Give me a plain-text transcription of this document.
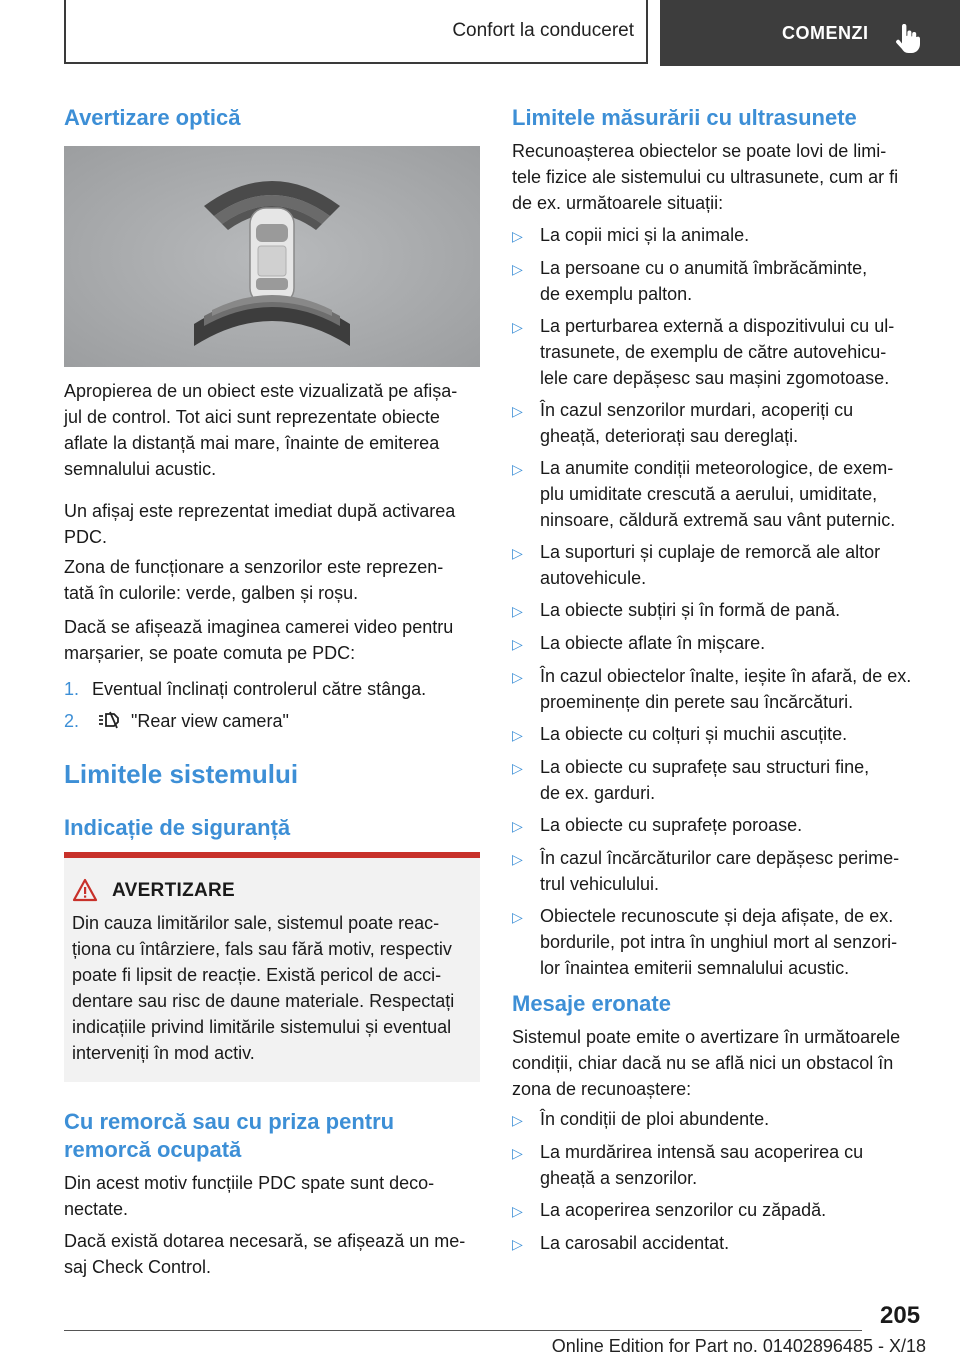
Confort la conduceret	COMENZI
Avertizare optică

Apropierea de un obiect este vizualizată pe afișa‐
jul de control. Tot aici sunt reprezentate obiecte
aflate la distanță mai mare, înainte de emiterea
semnalului acustic.

Un afișaj este reprezentat imediat după activarea
PDC.

Zona de funcționare a senzorilor este reprezen‐
tată în culorile: verde, galben și roșu.

Dacă se afișează imaginea camerei video pentru
marșarier, se poate comuta pe PDC:

1. Eventual înclinați controlerul către stânga.

2.	"Rear view camera"

Limitele sistemului
Indicație de siguranță
AVERTIZARE

Din cauza limitărilor sale, sistemul poate reac‐
ționa cu întârziere, fals sau fără motiv, respectiv
poate fi lipsit de reacție. Există pericol de acci‐
dentare sau risc de daune materiale. Respectați
indicațiile privind limitările sistemului și eventual
interveniți în mod activ.

Cu remorcă sau cu priza pentru
remorcă ocupată

Din acest motiv funcțiile PDC spate sunt deco‐
nectate.

Dacă există dotarea necesară, se afișează un me‐
saj Check Control.

Limitele măsurării cu ultrasunete

Recunoașterea obiectelor se poate lovi de limi‐
tele fizice ale sistemului cu ultrasunete, cum ar fi
de ex. următoarele situații:

▷ La copii mici și la animale.
▷ La persoane cu o anumită îmbrăcăminte,
de exemplu palton.
▷ La perturbarea externă a dispozitivului cu ul‐
trasunete, de exemplu de către autovehicu‐
lele care depășesc sau mașini zgomotoase.
▷ În cazul senzorilor murdari, acoperiți cu
gheață, deteriorați sau dereglați.
▷ La anumite condiții meteorologice, de exem‐
plu umiditate crescută a aerului, umiditate,
ninsoare, căldură extremă sau vânt puternic.
▷ La suporturi și cuplaje de remorcă ale altor
autovehicule.
▷ La obiecte subțiri și în formă de pană.
▷ La obiecte aflate în mișcare.
▷ În cazul obiectelor înalte, ieșite în afară, de ex.
proeminențe din perete sau încărcături.
▷ La obiecte cu colțuri și muchii ascuțite.
▷ La obiecte cu suprafețe sau structuri fine,
de ex. garduri.
▷ La obiecte cu suprafețe poroase.
▷ În cazul încărcăturilor care depășesc perime‐
trul vehiculului.
▷ Obiectele recunoscute și deja afișate, de ex.
bordurile, pot intra în unghiul mort al senzori‐
lor înaintea emiterii semnalului acustic.
Mesaje eronate

Sistemul poate emite o avertizare în următoarele
condiții, chiar dacă nu se află nici un obstacol în
zona de recunoaștere:

▷ În condiții de ploi abundente.
▷ La murdărirea intensă sau acoperirea cu
gheață a senzorilor.
▷ La acoperirea senzorilor cu zăpadă.
▷ La carosabil accidentat.
205
Online Edition for Part no. 01402896485 - X/18
